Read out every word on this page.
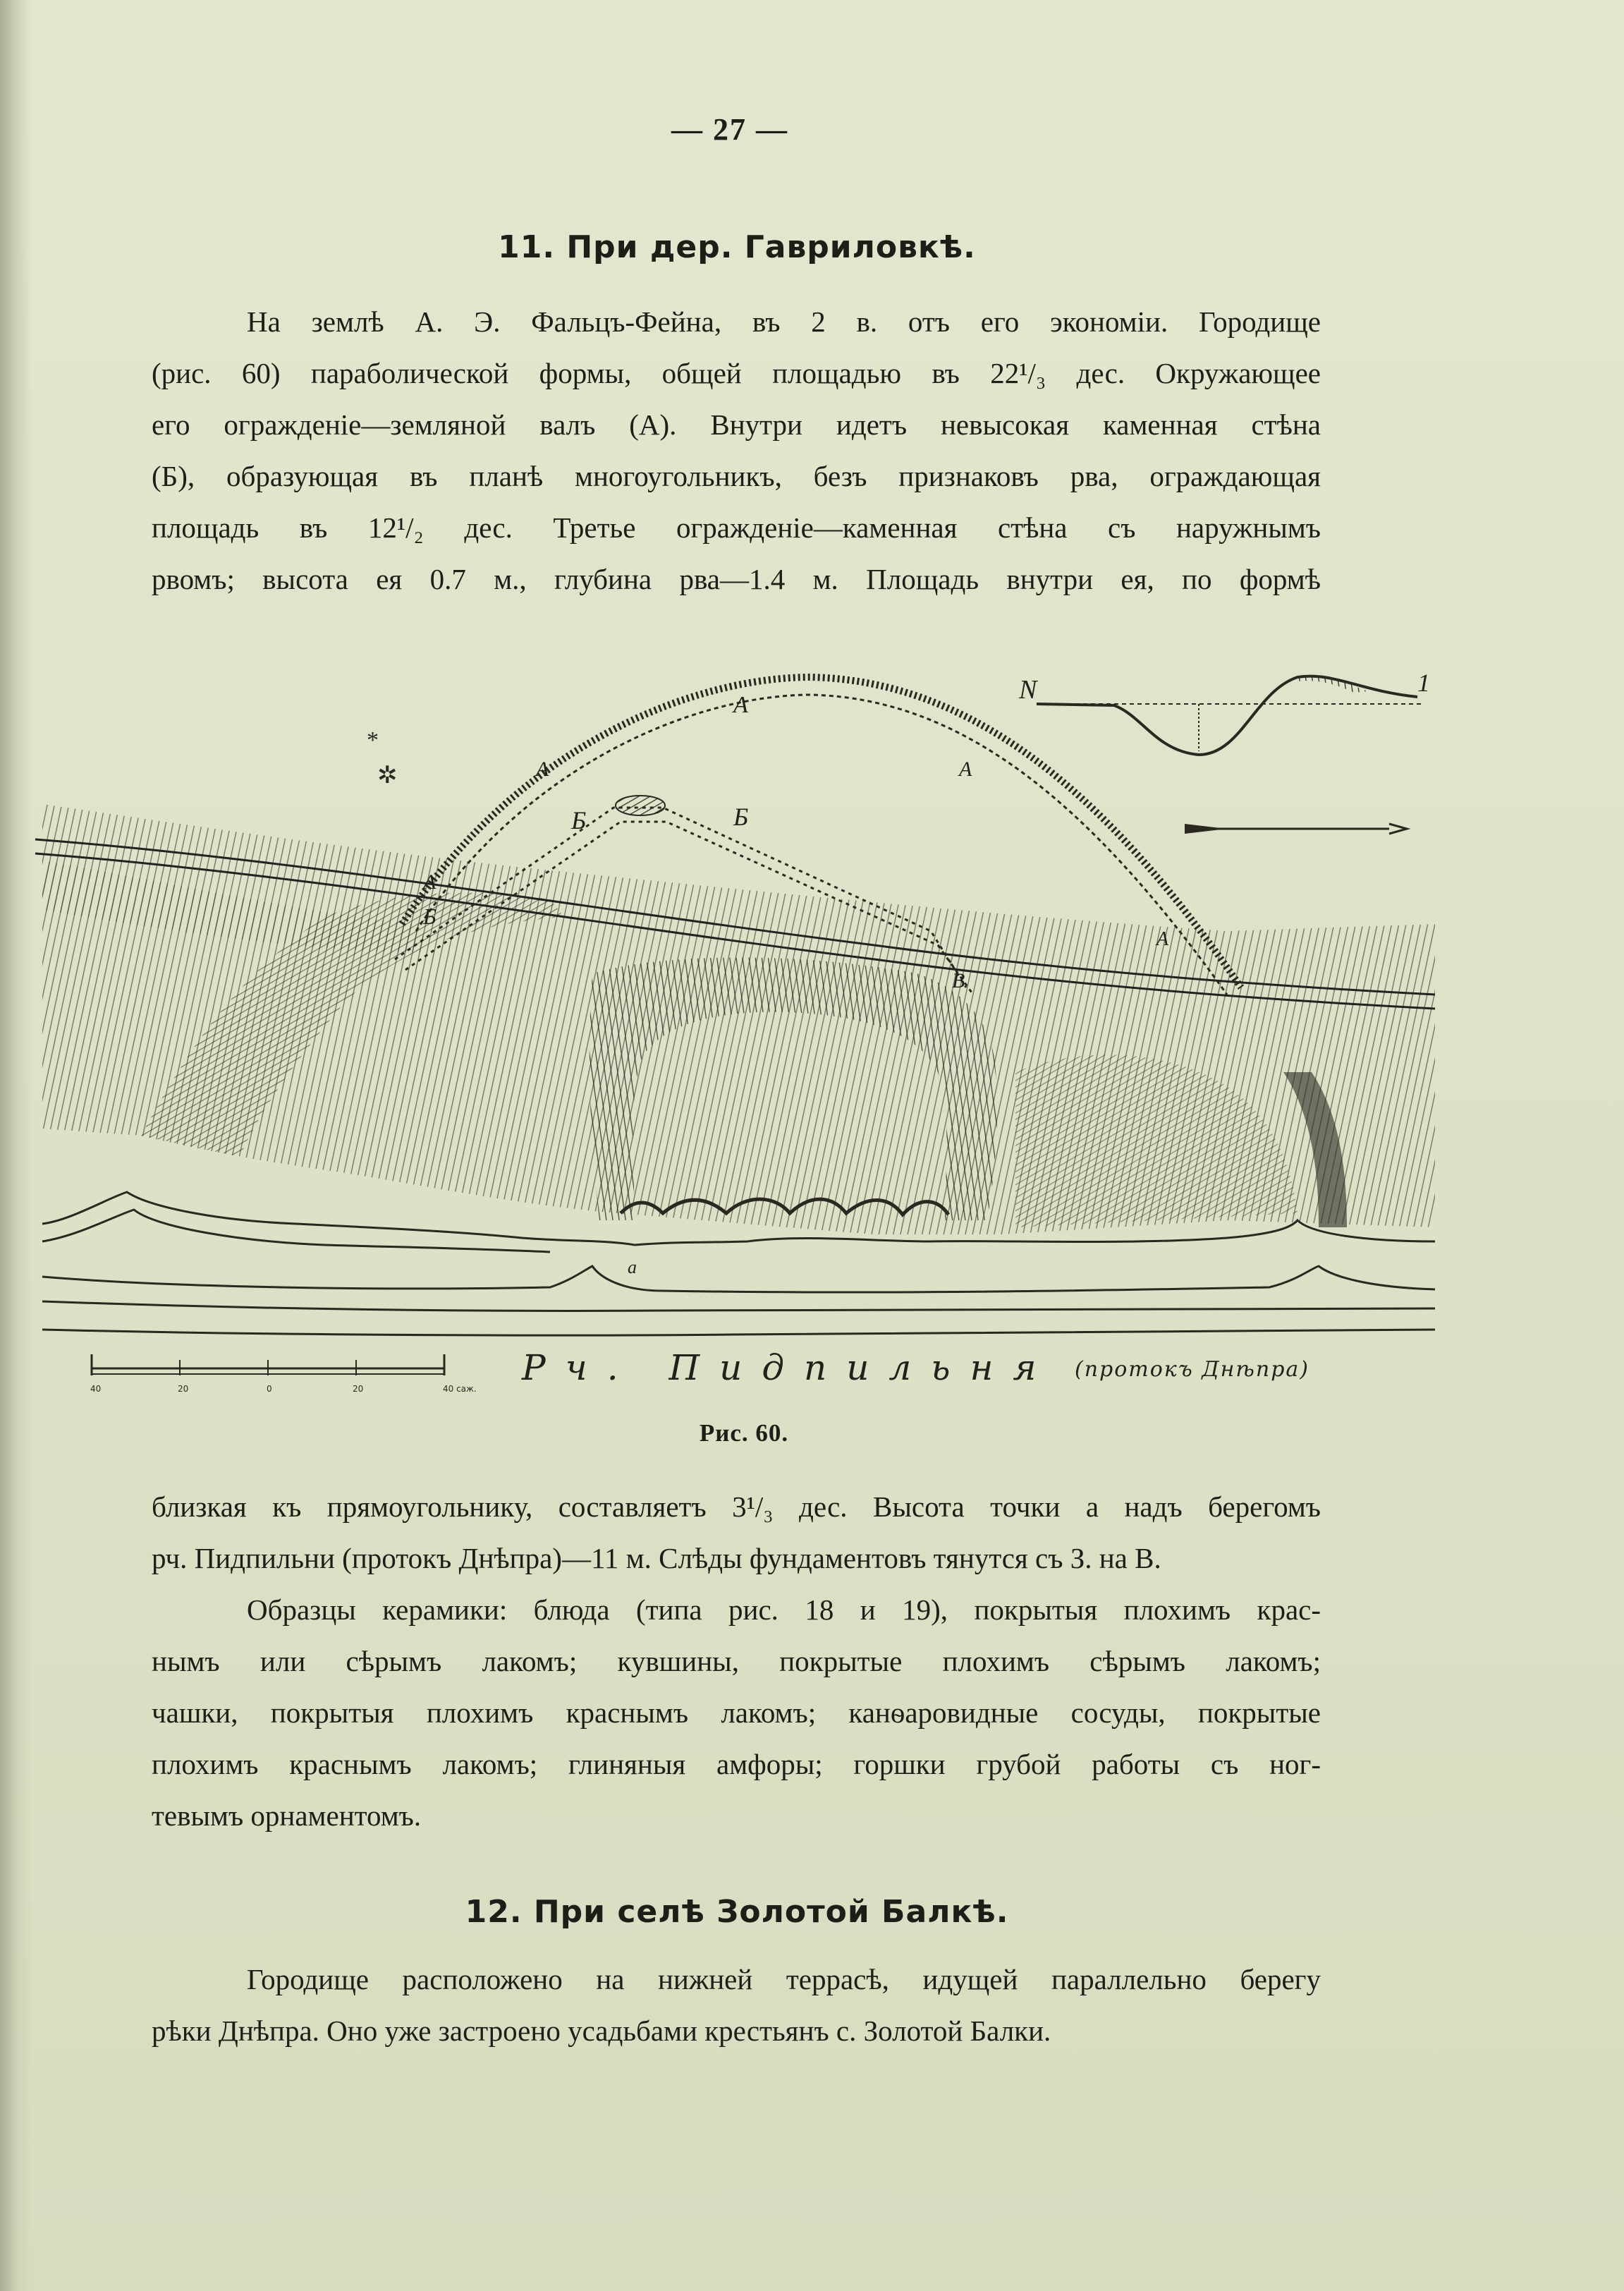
— 27 —
11. При дер. Гавриловкѣ.

На землѣ А. Э. Фальцъ-Фейна, въ 2 в. отъ его экономіи. Городище
(рис. 60) параболической формы, общей площадью въ 22¹/₃ дес. Окружающее
его огражденіе—земляной валъ (А). Внутри идетъ невысокая каменная стѣна
(Б), образующая въ планѣ многоугольникъ, безъ признаковъ рва, ограждающая
площадь въ 12¹/₂ дес. Третье огражденіе—каменная стѣна съ наружнымъ
рвомъ; высота ея 0.7 м., глубина рва—1.4 м. Площадь внутри ея, по формѣ

*
✲
А
А	А
А
А
Б	Б
Б
В
а
N	1
40	20	0	20	40 саж.
Рч. Пидпильня (протокъ Днѣпра)
Рис. 60.

близкая къ прямоугольнику, составляетъ 3¹/₃ дес. Высота точки а надъ берегомъ
рч. Пидпильни (протокъ Днѣпра)—11 м. Слѣды фундаментовъ тянутся съ З. на В.

Образцы керамики: блюда (типа рис. 18 и 19), покрытыя плохимъ крас-
нымъ или сѣрымъ лакомъ; кувшины, покрытые плохимъ сѣрымъ лакомъ;
чашки, покрытыя плохимъ краснымъ лакомъ; канѳаровидные сосуды, покрытые
плохимъ краснымъ лакомъ; глиняныя амфоры; горшки грубой работы съ ног-
тевымъ орнаментомъ.

12. При селѣ Золотой Балкѣ.

Городище расположено на нижней террасѣ, идущей параллельно берегу
рѣки Днѣпра. Оно уже застроено усадьбами крестьянъ с. Золотой Балки.
